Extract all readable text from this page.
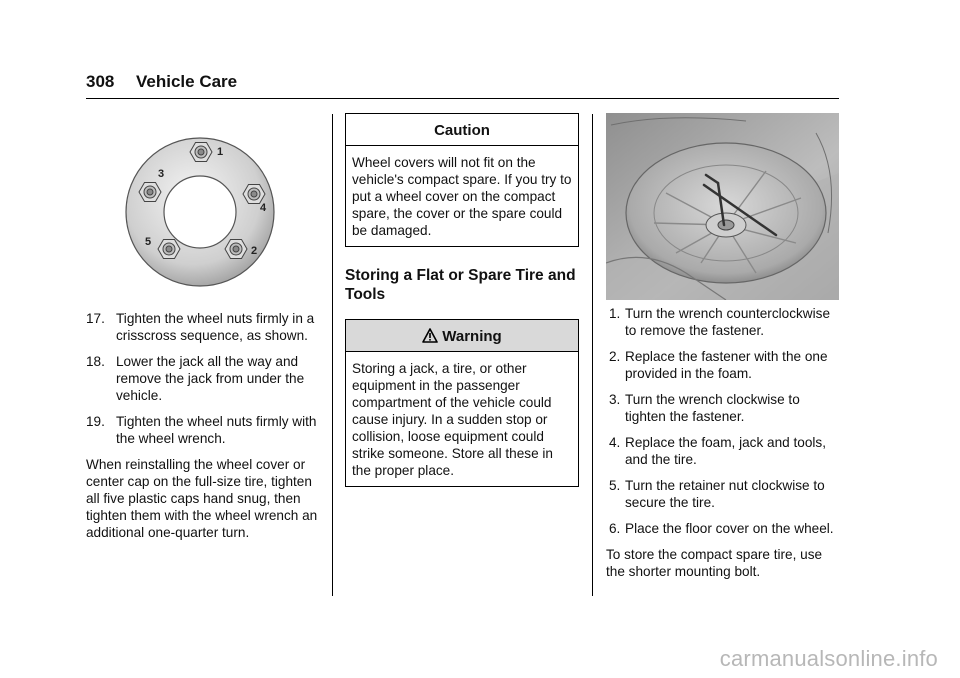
308 Vehicle Care
1
2
3
4
5
17. Tighten the wheel nuts firmly in a crisscross sequence, as shown.
18. Lower the jack all the way and remove the jack from under the vehicle.
19. Tighten the wheel nuts firmly with the wheel wrench.

When reinstalling the wheel cover or center cap on the full-size tire, tighten all five plastic caps hand snug, then tighten them with the wheel wrench an additional one-quarter turn.

Caution
Wheel covers will not fit on the vehicle's compact spare. If you try to put a wheel cover on the compact spare, the cover or the spare could be damaged.
Storing a Flat or Spare Tire and Tools
Warning
Storing a jack, a tire, or other equipment in the passenger compartment of the vehicle could cause injury. In a sudden stop or collision, loose equipment could strike someone. Store all these in the proper place.
1. Turn the wrench counterclockwise to remove the fastener.
2. Replace the fastener with the one provided in the foam.
3. Turn the wrench clockwise to tighten the fastener.
4. Replace the foam, jack and tools, and the tire.
5. Turn the retainer nut clockwise to secure the tire.
6. Place the floor cover on the wheel.

To store the compact spare tire, use the shorter mounting bolt.

carmanualsonline.info
